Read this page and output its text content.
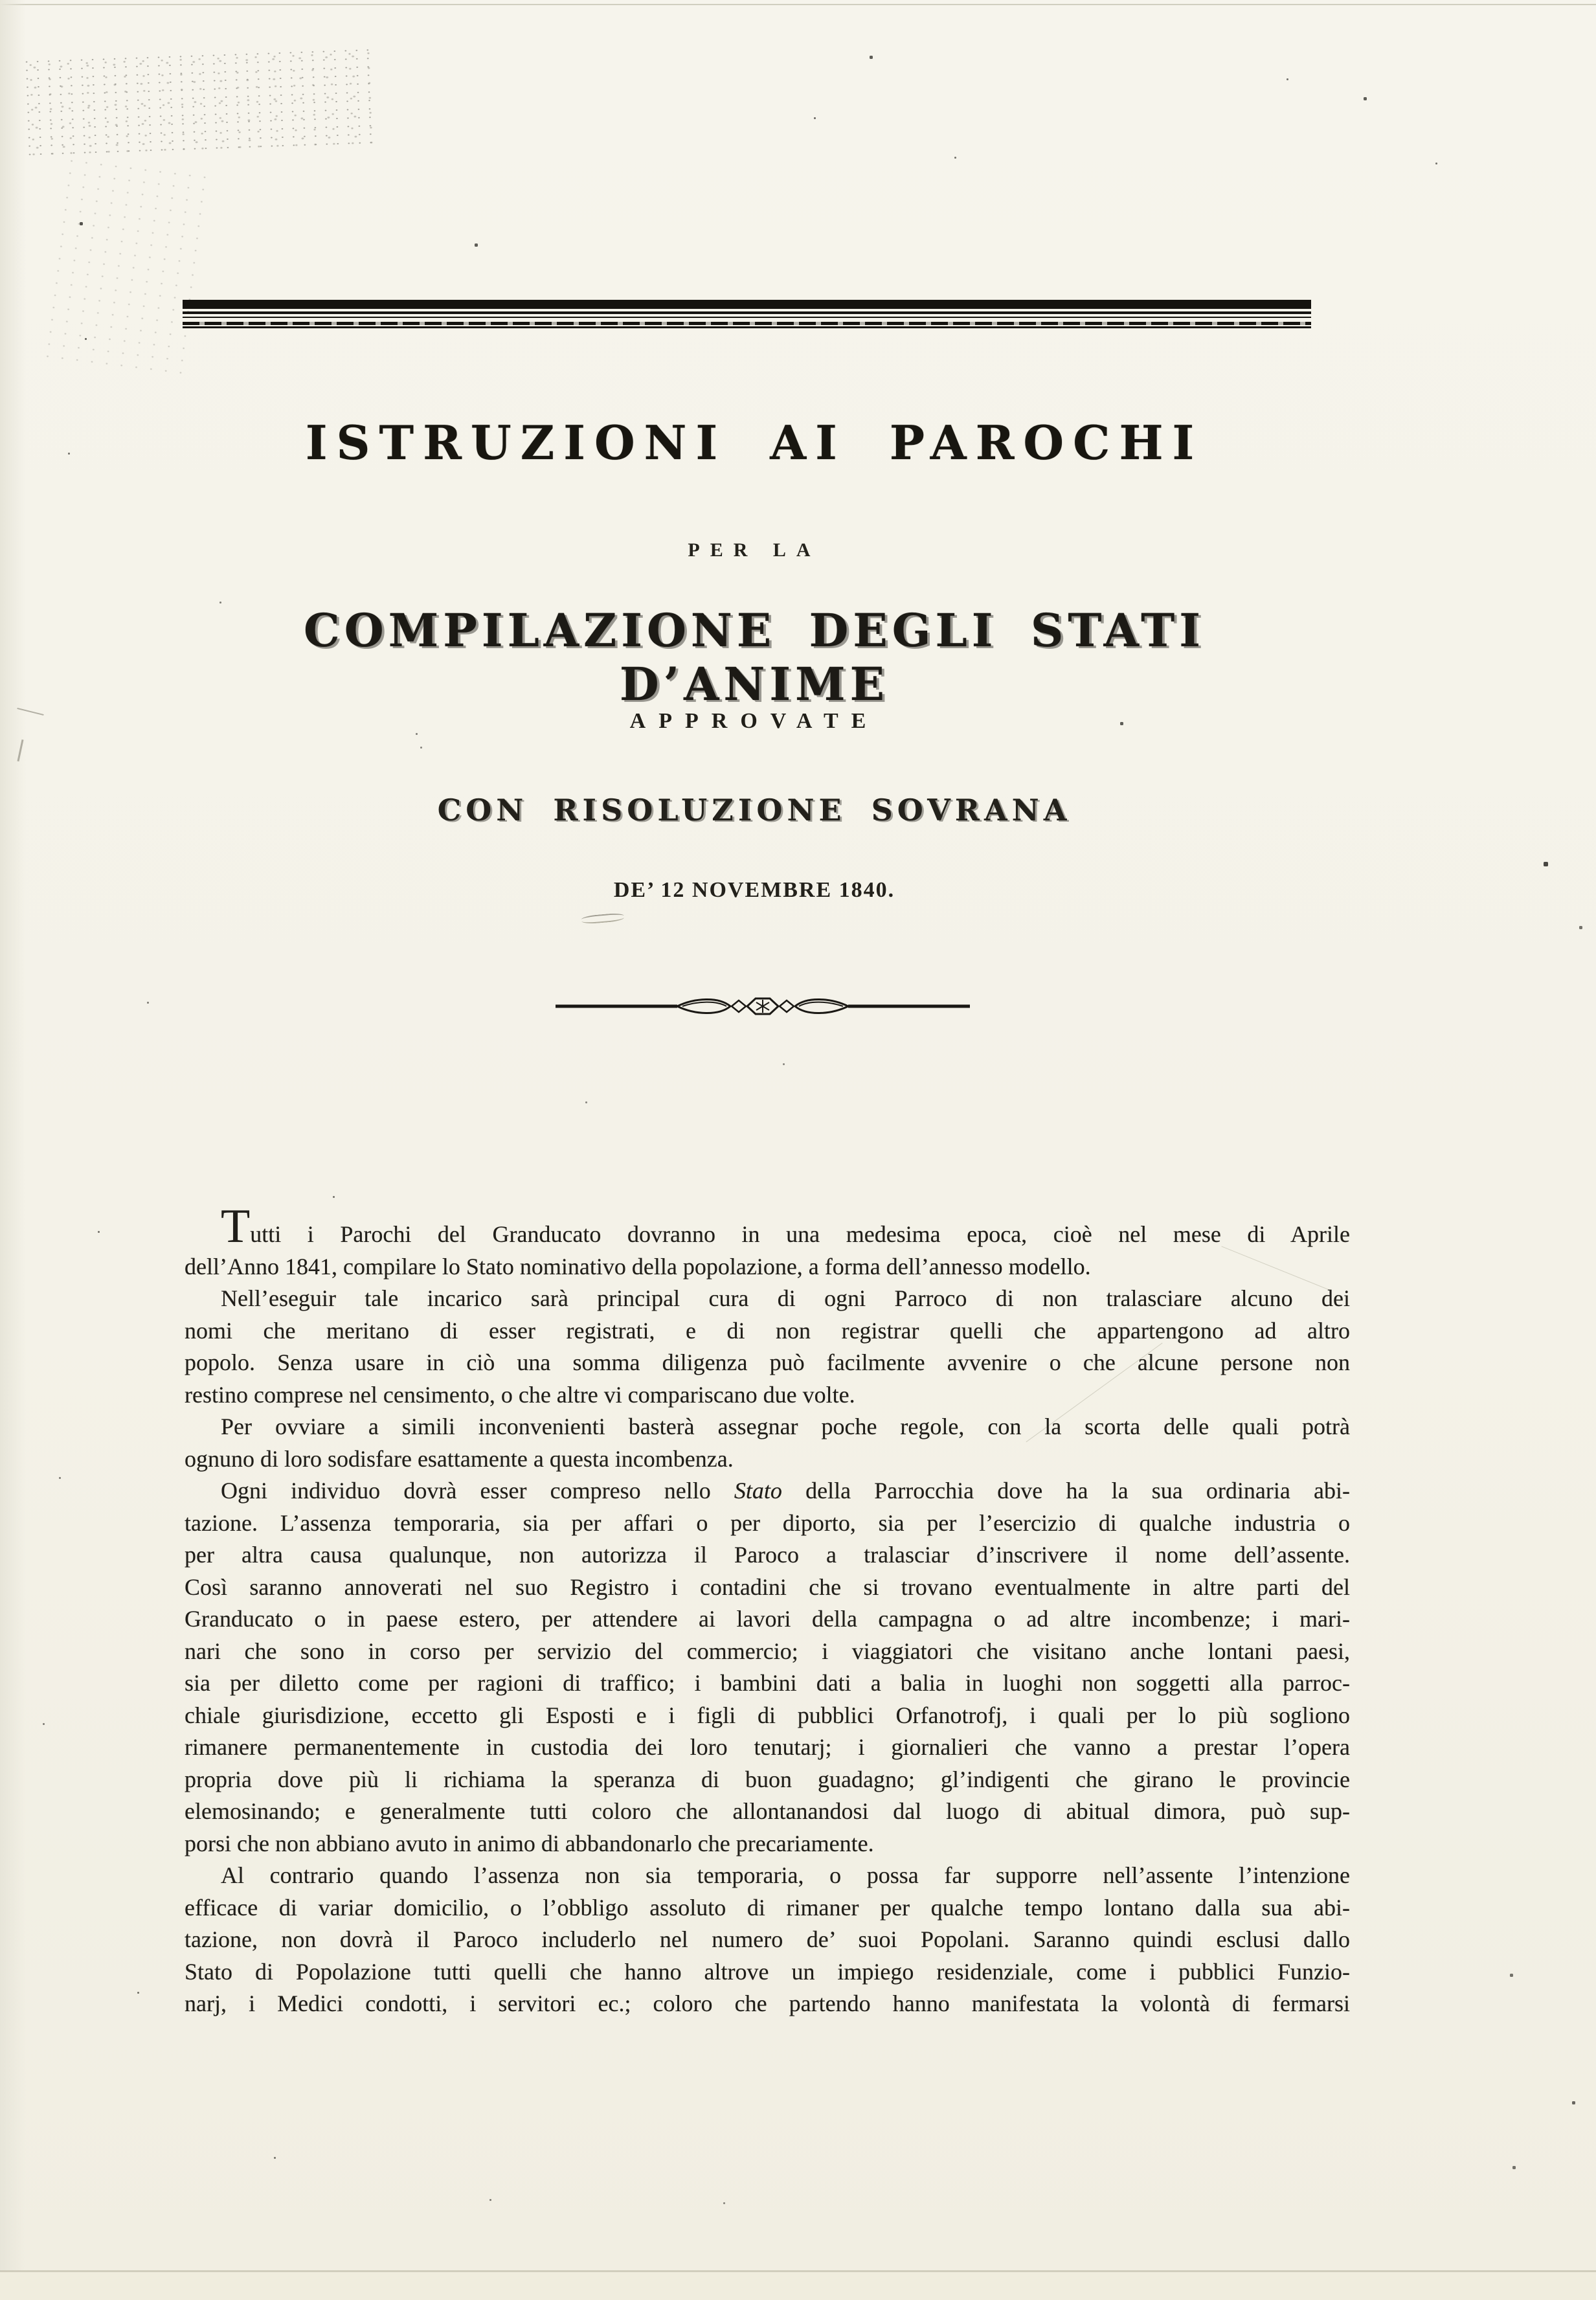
ISTRUZIONI AI PAROCHI
PER LA
COMPILAZIONE DEGLI STATI D’ANIME
APPROVATE
CON RISOLUZIONE SOVRANA
DE’ 12 NOVEMBRE 1840.
Tutti i Parochi del Granducato dovranno in una medesima epoca, cioè nel mese di Aprile
dell’Anno 1841, compilare lo Stato nominativo della popolazione, a forma dell’annesso modello.
Nell’eseguir tale incarico sarà principal cura di ogni Parroco di non tralasciare alcuno dei
nomi che meritano di esser registrati, e di non registrar quelli che appartengono ad altro
popolo. Senza usare in ciò una somma diligenza può facilmente avvenire o che alcune persone non
restino comprese nel censimento, o che altre vi compariscano due volte.
Per ovviare a simili inconvenienti basterà assegnar poche regole, con la scorta delle quali potrà
ognuno di loro sodisfare esattamente a questa incombenza.
Ogni individuo dovrà esser compreso nello Stato della Parrocchia dove ha la sua ordinaria abi-
tazione. L’assenza temporaria, sia per affari o per diporto, sia per l’esercizio di qualche industria o
per altra causa qualunque, non autorizza il Paroco a tralasciar d’inscrivere il nome dell’assente.
Così saranno annoverati nel suo Registro i contadini che si trovano eventualmente in altre parti del
Granducato o in paese estero, per attendere ai lavori della campagna o ad altre incombenze; i mari-
nari che sono in corso per servizio del commercio; i viaggiatori che visitano anche lontani paesi,
sia per diletto come per ragioni di traffico; i bambini dati a balia in luoghi non soggetti alla parroc-
chiale giurisdizione, eccetto gli Esposti e i figli di pubblici Orfanotrofj, i quali per lo più sogliono
rimanere permanentemente in custodia dei loro tenutarj; i giornalieri che vanno a prestar l’opera
propria dove più li richiama la speranza di buon guadagno; gl’indigenti che girano le provincie
elemosinando; e generalmente tutti coloro che allontanandosi dal luogo di abitual dimora, può sup-
porsi che non abbiano avuto in animo di abbandonarlo che precariamente.
Al contrario quando l’assenza non sia temporaria, o possa far supporre nell’assente l’intenzione
efficace di variar domicilio, o l’obbligo assoluto di rimaner per qualche tempo lontano dalla sua abi-
tazione, non dovrà il Paroco includerlo nel numero de’ suoi Popolani. Saranno quindi esclusi dallo
Stato di Popolazione tutti quelli che hanno altrove un impiego residenziale, come i pubblici Funzio-
narj, i Medici condotti, i servitori ec.; coloro che partendo hanno manifestata la volontà di fermarsi
